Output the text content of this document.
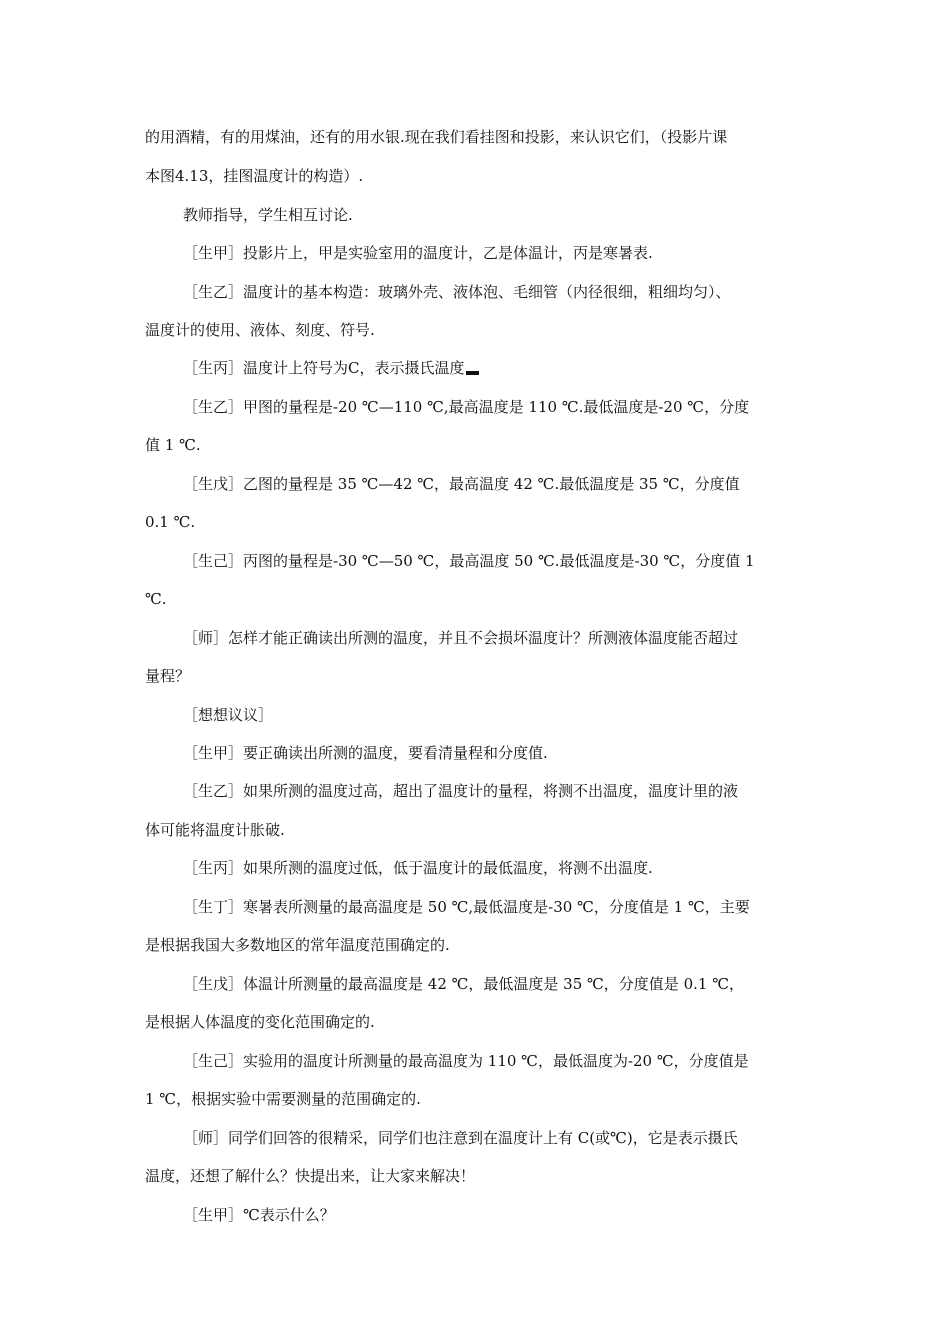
的用酒精，有的用煤油，还有的用水银.现在我们看挂图和投影，来认识它们，（投影片课
本图4.13，挂图温度计的构造）.
教师指导，学生相互讨论.
［生甲］投影片上，甲是实验室用的温度计，乙是体温计，丙是寒暑表.
［生乙］温度计的基本构造：玻璃外壳、液体泡、毛细管（内径很细，粗细均匀）、
温度计的使用、液体、刻度、符号.
［生丙］温度计上符号为C，表示摄氏温度
［生乙］甲图的量程是-20 ℃—110 ℃,最高温度是 110 ℃.最低温度是-20 ℃，分度
值 1 ℃.
［生戊］乙图的量程是 35 ℃—42 ℃，最高温度 42 ℃.最低温度是 35 ℃，分度值
0.1 ℃.
［生己］丙图的量程是-30 ℃—50 ℃，最高温度 50 ℃.最低温度是-30 ℃，分度值 1
℃.
［师］怎样才能正确读出所测的温度，并且不会损坏温度计？所测液体温度能否超过
量程？
［想想议议］
［生甲］要正确读出所测的温度，要看清量程和分度值.
［生乙］如果所测的温度过高，超出了温度计的量程，将测不出温度，温度计里的液
体可能将温度计胀破.
［生丙］如果所测的温度过低，低于温度计的最低温度，将测不出温度.
［生丁］寒暑表所测量的最高温度是 50 ℃,最低温度是-30 ℃，分度值是 1 ℃，主要
是根据我国大多数地区的常年温度范围确定的.
［生戊］体温计所测量的最高温度是 42 ℃，最低温度是 35 ℃，分度值是 0.1 ℃，
是根据人体温度的变化范围确定的.
［生己］实验用的温度计所测量的最高温度为 110 ℃，最低温度为-20 ℃，分度值是
1 ℃，根据实验中需要测量的范围确定的.
［师］同学们回答的很精采，同学们也注意到在温度计上有 C(或℃)，它是表示摄氏
温度，还想了解什么？快提出来，让大家来解决！
［生甲］℃表示什么？
